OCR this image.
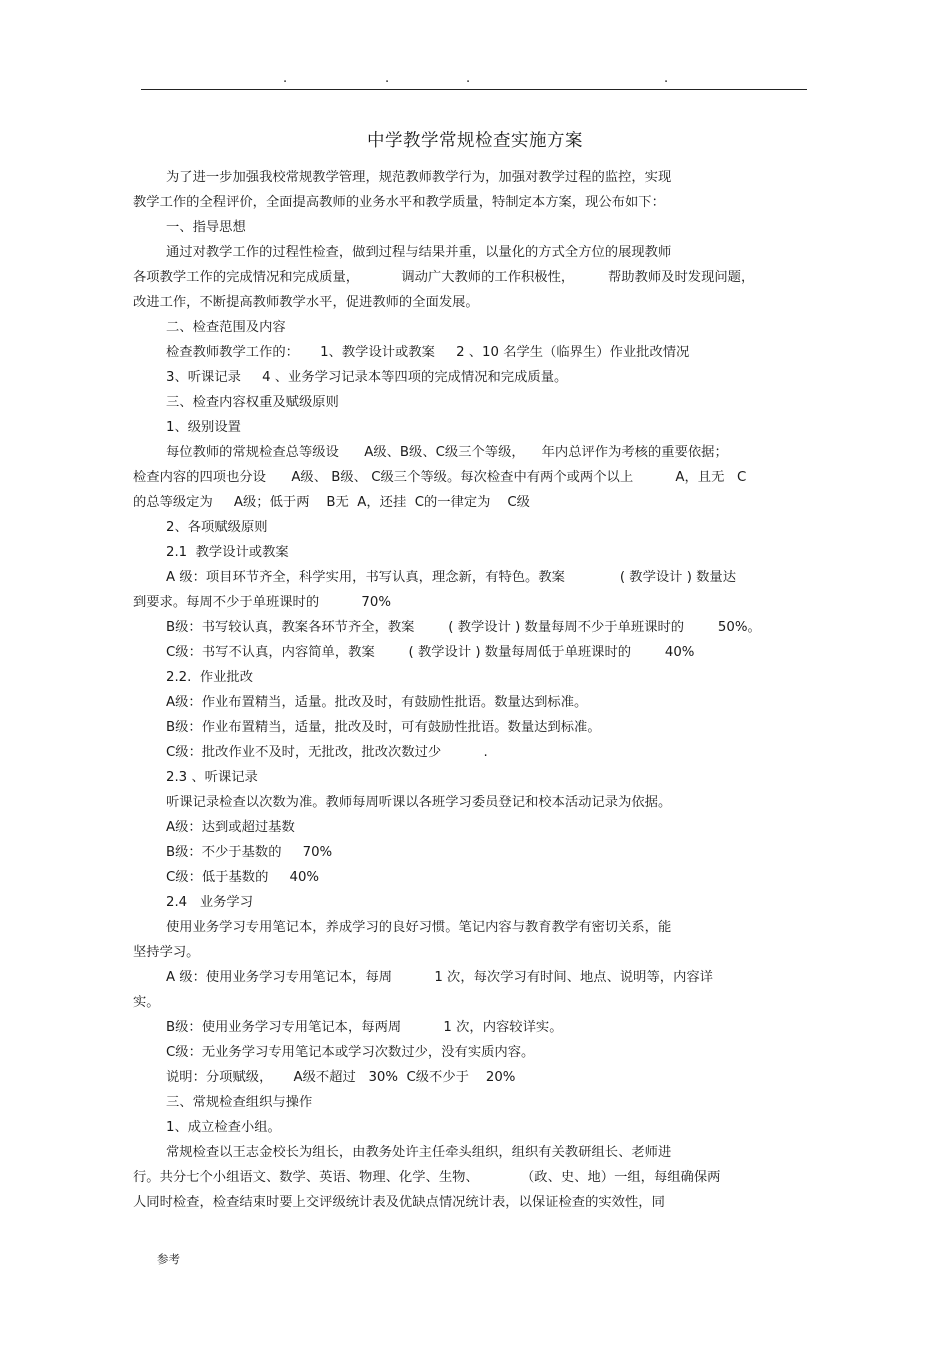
.	.	.	.
中学教学常规检查实施方案
为了进一步加强我校常规教学管理，规范教师教学行为，加强对教学过程的监控，实现
教学工作的全程评价，全面提高教师的业务水平和教学质量，特制定本方案，现公布如下：
一、指导思想
通过对教学工作的过程性检查，做到过程与结果并重，以量化的方式全方位的展现教师
各项教学工作的完成情况和完成质量，          调动广大教师的工作积极性，        帮助教师及时发现问题，
改进工作，不断提高教师教学水平，促进教师的全面发展。
二、检查范围及内容
检查教师教学工作的：     1、教学设计或教案     2 、10 名学生（临界生）作业批改情况
3、听课记录     4 、业务学习记录本等四项的完成情况和完成质量。
三、检查内容权重及赋级原则
1、级别设置
每位教师的常规检查总等级设      A级、B级、C级三个等级，    年内总评作为考核的重要依据；
检查内容的四项也分设      A级、 B级、 C级三个等级。每次检查中有两个或两个以上          A，且无   C
的总等级定为     A级；低于两    B无  A，还挂  C的一律定为    C级
2、各项赋级原则
2.1  教学设计或教案
A 级：项目环节齐全，科学实用，书写认真，理念新，有特色。教案             ( 教学设计 ) 数量达
到要求。每周不少于单班课时的          70%
B级：书写较认真，教案各环节齐全，教案        ( 教学设计 ) 数量每周不少于单班课时的        50%。
C级：书写不认真，内容简单，教案        ( 教学设计 ) 数量每周低于单班课时的        40%
2.2.  作业批改
A级：作业布置精当，适量。批改及时，有鼓励性批语。数量达到标准。
B级：作业布置精当，适量，批改及时，可有鼓励性批语。数量达到标准。
C级：批改作业不及时，无批改，批改次数过少          .
2.3 、听课记录
听课记录检查以次数为准。教师每周听课以各班学习委员登记和校本活动记录为依据。
A级：达到或超过基数
B级：不少于基数的     70%
C级：低于基数的     40%
2.4   业务学习
使用业务学习专用笔记本，养成学习的良好习惯。笔记内容与教育教学有密切关系，能
坚持学习。
A 级：使用业务学习专用笔记本，每周          1 次，每次学习有时间、地点、说明等，内容详
实。
B级：使用业务学习专用笔记本，每两周          1 次，内容较详实。
C级：无业务学习专用笔记本或学习次数过少，没有实质内容。
说明：分项赋级，     A级不超过   30%  C级不少于    20%
三、常规检查组织与操作
1、成立检查小组。
常规检查以王志金校长为组长，由教务处许主任牵头组织，组织有关教研组长、老师进
行。共分七个小组语文、数学、英语、物理、化学、生物、          （政、史、地）一组，每组确保两
人同时检查，检查结束时要上交评级统计表及优缺点情况统计表，以保证检查的实效性，同
参考
